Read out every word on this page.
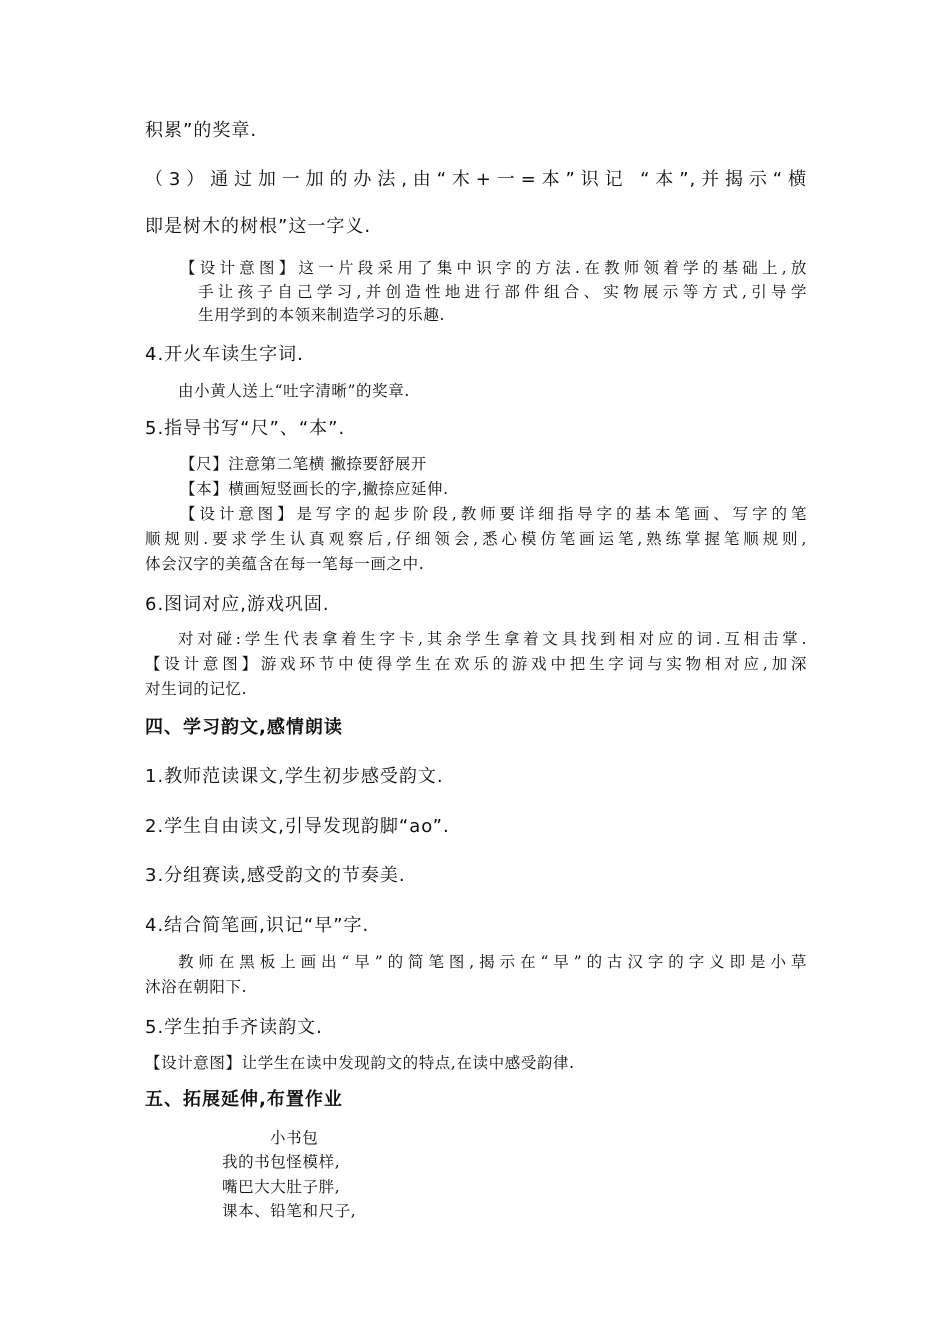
积累”的奖章.
（3）通过加一加的办法,由“木+一=本”识记 “本”,并揭示“横
即是树木的树根”这一字义.
【设计意图】这一片段采用了集中识字的方法.在教师领着学的基础上,放
手让孩子自己学习,并创造性地进行部件组合、实物展示等方式,引导学
生用学到的本领来制造学习的乐趣.
4.开火车读生字词.
由小黄人送上“吐字清晰”的奖章.
5.指导书写“尺”、“本”.
【尺】注意第二笔横 撇捺要舒展开
【本】横画短竖画长的字,撇捺应延伸.
【设计意图】是写字的起步阶段,教师要详细指导字的基本笔画、写字的笔
顺规则.要求学生认真观察后,仔细领会,悉心模仿笔画运笔,熟练掌握笔顺规则,
体会汉字的美蕴含在每一笔每一画之中.
6.图词对应,游戏巩固.
对对碰:学生代表拿着生字卡,其余学生拿着文具找到相对应的词.互相击掌.
【设计意图】游戏环节中使得学生在欢乐的游戏中把生字词与实物相对应,加深
对生词的记忆.
四、学习韵文,感情朗读
1.教师范读课文,学生初步感受韵文.
2.学生自由读文,引导发现韵脚“ao”.
3.分组赛读,感受韵文的节奏美.
4.结合简笔画,识记“早”字.
教师在黑板上画出“早”的简笔图,揭示在“早”的古汉字的字义即是小草
沐浴在朝阳下.
5.学生拍手齐读韵文.
【设计意图】让学生在读中发现韵文的特点,在读中感受韵律.
五、拓展延伸,布置作业
小书包
我的书包怪模样,
嘴巴大大肚子胖,
课本、铅笔和尺子,
